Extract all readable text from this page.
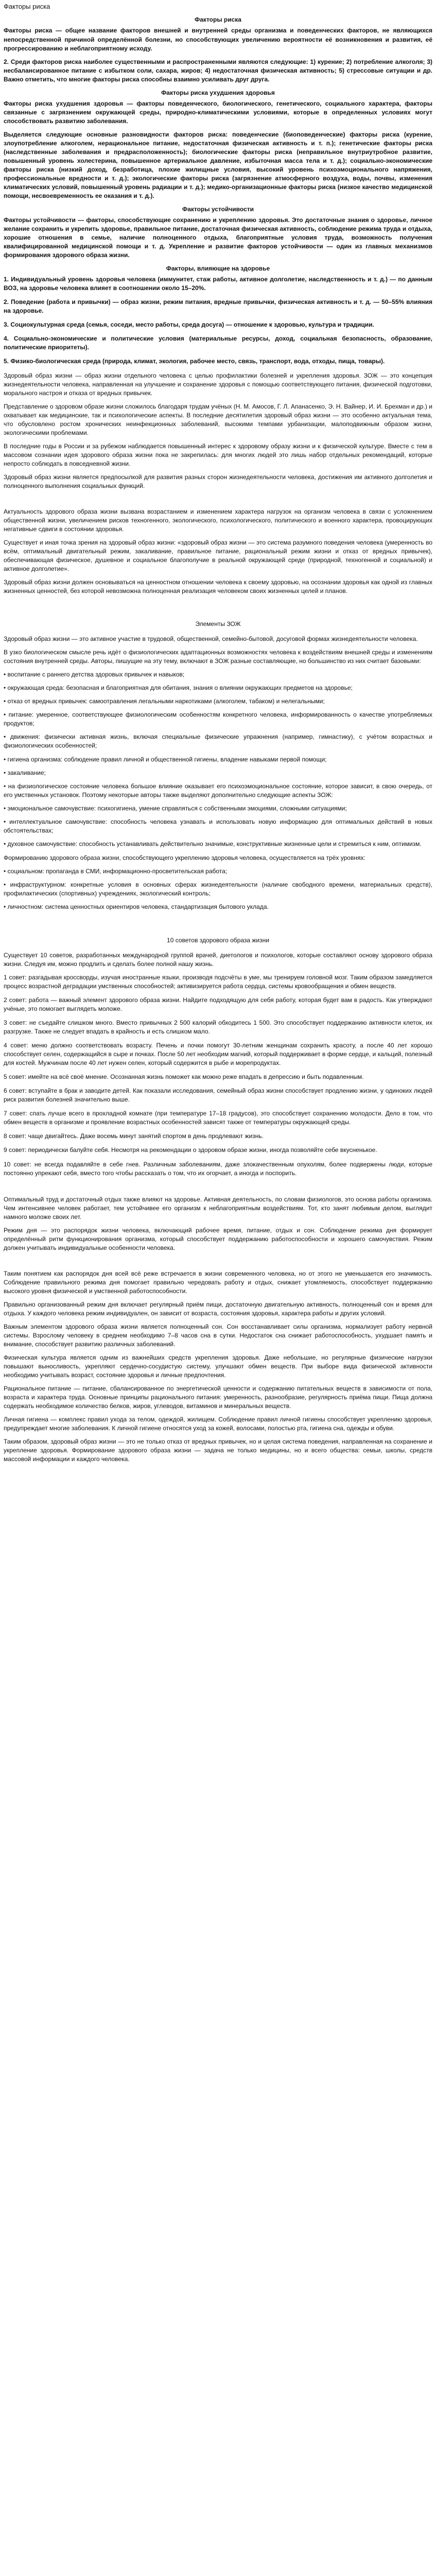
Факторы риска
Факторы риска

Факторы риска — общее название факторов внешней и внутренней среды организма и поведенческих факторов, не являющихся непосредственной причиной определённой болезни, но способствующих увеличению вероятности её возникновения и развития, её прогрессированию и неблагоприятному исходу.

2. Среди факторов риска наиболее существенными и распространенными являются следующие: 1) курение; 2) потребление алкоголя; 3) несбалансированное питание с избытком соли, сахара, жиров; 4) недостаточная физическая активность; 5) стрессовые ситуации и др. Важно отметить, что многие факторы риска способны взаимно усиливать друг друга.

Факторы риска ухудшения здоровья

Факторы риска ухудшения здоровья — факторы поведенческого, биологического, генетического, социального характера, факторы связанные с загрязнением окружающей среды, природно-климатическими условиями, которые в определенных условиях могут способствовать развитию заболевания.

Выделяется следующие основные разновидности факторов риска: поведенческие (биоповеденческие) факторы риска (курение, злоупотребление алкоголем, нерациональное питание, недостаточная физическая активность и т. п.); генетические факторы риска (наследственные заболевания и предрасположенность); биологические факторы риска (неправильное внутриутробное развитие, повышенный уровень холестерина, повышенное артериальное давление, избыточная масса тела и т. д.); социально-экономические факторы риска (низкий доход, безработица, плохие жилищные условия, высокий уровень психоэмоционального напряжения, профессиональные вредности и т. д.); экологические факторы риска (загрязнение атмосферного воздуха, воды, почвы, изменения климатических условий, повышенный уровень радиации и т. д.); медико-организационные факторы риска (низкое качество медицинской помощи, несвоевременность ее оказания и т. д.).

Факторы устойчивости

Факторы устойчивости — факторы, способствующие сохранению и укреплению здоровья. Это достаточные знания о здоровье, личное желание сохранить и укрепить здоровье, правильное питание, достаточная физическая активность, соблюдение режима труда и отдыха, хорошие отношения в семье, наличие полноценного отдыха, благоприятные условия труда, возможность получения квалифицированной медицинской помощи и т. д. Укрепление и развитие факторов устойчивости — один из главных механизмов формирования здорового образа жизни.

Факторы, влияющие на здоровье

1. Индивидуальный уровень здоровья человека (иммунитет, стаж работы, активное долголетие, наследственность и т. д.) — по данным ВОЗ, на здоровье человека влияет в соотношении около 15–20%.

2. Поведение (работа и привычки) — образ жизни, режим питания, вредные привычки, физическая активность и т. д. — 50–55% влияния на здоровье.

3. Социокультурная среда (семья, соседи, место работы, среда досуга) — отношение к здоровью, культура и традиции.

4. Социально-экономические и политические условия (материальные ресурсы, доход, социальная безопасность, образование, политические приоритеты).

5. Физико-биологическая среда (природа, климат, экология, рабочее место, связь, транспорт, вода, отходы, пища, товары).

Здоровый образ жизни — образ жизни отдельного человека с целью профилактики болезней и укрепления здоровья. ЗОЖ — это концепция жизнедеятельности человека, направленная на улучшение и сохранение здоровья с помощью соответствующего питания, физической подготовки, морального настроя и отказа от вредных привычек.

Представление о здоровом образе жизни сложилось благодаря трудам учёных (Н. М. Амосов, Г. Л. Апанасенко, Э. Н. Вайнер, И. И. Брехман и др.) и охватывает как медицинские, так и психологические аспекты. В последние десятилетия здоровый образ жизни — это особенно актуальная тема, что обусловлено ростом хронических неинфекционных заболеваний, высокими темпами урбанизации, малоподвижным образом жизни, экологическими проблемами.

В последние годы в России и за рубежом наблюдается повышенный интерес к здоровому образу жизни и к физической культуре. Вместе с тем в массовом сознании идея здорового образа жизни пока не закрепилась: для многих людей это лишь набор отдельных рекомендаций, которые непросто соблюдать в повседневной жизни.

Здоровый образ жизни является предпосылкой для развития разных сторон жизнедеятельности человека, достижения им активного долголетия и полноценного выполнения социальных функций.

Актуальность здорового образа жизни вызвана возрастанием и изменением характера нагрузок на организм человека в связи с усложнением общественной жизни, увеличением рисков техногенного, экологического, психологического, политического и военного характера, провоцирующих негативные сдвиги в состоянии здоровья.

Существует и иная точка зрения на здоровый образ жизни: «здоровый образ жизни — это система разумного поведения человека (умеренность во всём, оптимальный двигательный режим, закаливание, правильное питание, рациональный режим жизни и отказ от вредных привычек), обеспечивающая физическое, душевное и социальное благополучие в реальной окружающей среде (природной, техногенной и социальной) и активное долголетие».

Здоровый образ жизни должен основываться на ценностном отношении человека к своему здоровью, на осознании здоровья как одной из главных жизненных ценностей, без которой невозможна полноценная реализация человеком своих жизненных целей и планов.

Элементы ЗОЖ

Здоровый образ жизни — это активное участие в трудовой, общественной, семейно-бытовой, досуговой формах жизнедеятельности человека.

В узко биологическом смысле речь идёт о физиологических адаптационных возможностях человека к воздействиям внешней среды и изменениям состояния внутренней среды. Авторы, пишущие на эту тему, включают в ЗОЖ разные составляющие, но большинство из них считает базовыми:

• воспитание с раннего детства здоровых привычек и навыков;
• окружающая среда: безопасная и благоприятная для обитания, знания о влиянии окружающих предметов на здоровье;
• отказ от вредных привычек: самоотравления легальными наркотиками (алкоголем, табаком) и нелегальными;
• питание: умеренное, соответствующее физиологическим особенностям конкретного человека, информированность о качестве употребляемых продуктов;
• движения: физически активная жизнь, включая специальные физические упражнения (например, гимнастику), с учётом возрастных и физиологических особенностей;
• гигиена организма: соблюдение правил личной и общественной гигиены, владение навыками первой помощи;
• закаливание;
• на физиологическое состояние человека большое влияние оказывает его психоэмоциональное состояние, которое зависит, в свою очередь, от его умственных установок. Поэтому некоторые авторы также выделяют дополнительно следующие аспекты ЗОЖ:
• эмоциональное самочувствие: психогигиена, умение справляться с собственными эмоциями, сложными ситуациями;
• интеллектуальное самочувствие: способность человека узнавать и использовать новую информацию для оптимальных действий в новых обстоятельствах;
• духовное самочувствие: способность устанавливать действительно значимые, конструктивные жизненные цели и стремиться к ним, оптимизм.

Формированию здорового образа жизни, способствующего укреплению здоровья человека, осуществляется на трёх уровнях:

• социальном: пропаганда в СМИ, информационно-просветительская работа;
• инфраструктурном: конкретные условия в основных сферах жизнедеятельности (наличие свободного времени, материальных средств), профилактических (спортивных) учреждениях, экологический контроль;
• личностном: система ценностных ориентиров человека, стандартизация бытового уклада.
10 советов здорового образа жизни

Существует 10 советов, разработанных международной группой врачей, диетологов и психологов, которые составляют основу здорового образа жизни. Следуя им, можно продлить и сделать более полной нашу жизнь.

1 совет: разгадывая кроссворды, изучая иностранные языки, производя подсчёты в уме, мы тренируем головной мозг. Таким образом замедляется процесс возрастной деградации умственных способностей; активизируется работа сердца, системы кровообращения и обмен веществ.

2 совет: работа — важный элемент здорового образа жизни. Найдите подходящую для себя работу, которая будет вам в радость. Как утверждают учёные, это помогает выглядеть моложе.

3 совет: не съедайте слишком много. Вместо привычных 2 500 калорий обходитесь 1 500. Это способствует поддержанию активности клеток, их разгрузке. Также не следует впадать в крайность и есть слишком мало.

4 совет: меню должно соответствовать возрасту. Печень и почки помогут 30-летним женщинам сохранить красоту, а после 40 лет хорошо способствует селен, содержащийся в сыре и почках. После 50 лет необходим магний, который поддерживает в форме сердце, и кальций, полезный для костей. Мужчинам после 40 лет нужен селен, который содержится в рыбе и морепродуктах.

5 совет: имейте на всё своё мнение. Осознанная жизнь поможет как можно реже впадать в депрессию и быть подавленным.

6 совет: вступайте в брак и заводите детей. Как показали исследования, семейный образ жизни способствует продлению жизни, у одиноких людей риск развития болезней значительно выше.

7 совет: спать лучше всего в прохладной комнате (при температуре 17–18 градусов), это способствует сохранению молодости. Дело в том, что обмен веществ в организме и проявление возрастных особенностей зависят также от температуры окружающей среды.

8 совет: чаще двигайтесь. Даже восемь минут занятий спортом в день продлевают жизнь.

9 совет: периодически балуйте себя. Несмотря на рекомендации о здоровом образе жизни, иногда позволяйте себе вкусненькое.

10 совет: не всегда подавляйте в себе гнев. Различным заболеваниям, даже злокачественным опухолям, более подвержены люди, которые постоянно упрекают себя, вместо того чтобы рассказать о том, что их огорчает, а иногда и поспорить.

Оптимальный труд и достаточный отдых также влияют на здоровье. Активная деятельность, по словам физиологов, это основа работы организма. Чем интенсивнее человек работает, тем устойчивее его организм к неблагоприятным воздействиям. Тот, кто занят любимым делом, выглядит намного моложе своих лет.

Режим дня — это распорядок жизни человека, включающий рабочее время, питание, отдых и сон. Соблюдение режима дня формирует определённый ритм функционирования организма, который способствует поддержанию работоспособности и хорошего самочувствия. Режим должен учитывать индивидуальные особенности человека.

Таким понятием как распорядок дня всей всё реже встречается в жизни современного человека, но от этого не уменьшается его значимость. Соблюдение правильного режима дня помогает правильно чередовать работу и отдых, снижает утомляемость, способствует поддержанию высокого уровня физической и умственной работоспособности.

Правильно организованный режим дня включает регулярный приём пищи, достаточную двигательную активность, полноценный сон и время для отдыха. У каждого человека режим индивидуален, он зависит от возраста, состояния здоровья, характера работы и других условий.

Важным элементом здорового образа жизни является полноценный сон. Сон восстанавливает силы организма, нормализует работу нервной системы. Взрослому человеку в среднем необходимо 7–8 часов сна в сутки. Недостаток сна снижает работоспособность, ухудшает память и внимание, способствует развитию различных заболеваний.

Физическая культура является одним из важнейших средств укрепления здоровья. Даже небольшие, но регулярные физические нагрузки повышают выносливость, укрепляют сердечно-сосудистую систему, улучшают обмен веществ. При выборе вида физической активности необходимо учитывать возраст, состояние здоровья и личные предпочтения.

Рациональное питание — питание, сбалансированное по энергетической ценности и содержанию питательных веществ в зависимости от пола, возраста и характера труда. Основные принципы рационального питания: умеренность, разнообразие, регулярность приёма пищи. Пища должна содержать необходимое количество белков, жиров, углеводов, витаминов и минеральных веществ.

Личная гигиена — комплекс правил ухода за телом, одеждой, жилищем. Соблюдение правил личной гигиены способствует укреплению здоровья, предупреждает многие заболевания. К личной гигиене относятся уход за кожей, волосами, полостью рта, гигиена сна, одежды и обуви.

Таким образом, здоровый образ жизни — это не только отказ от вредных привычек, но и целая система поведения, направленная на сохранение и укрепление здоровья. Формирование здорового образа жизни — задача не только медицины, но и всего общества: семьи, школы, средств массовой информации и каждого человека.
